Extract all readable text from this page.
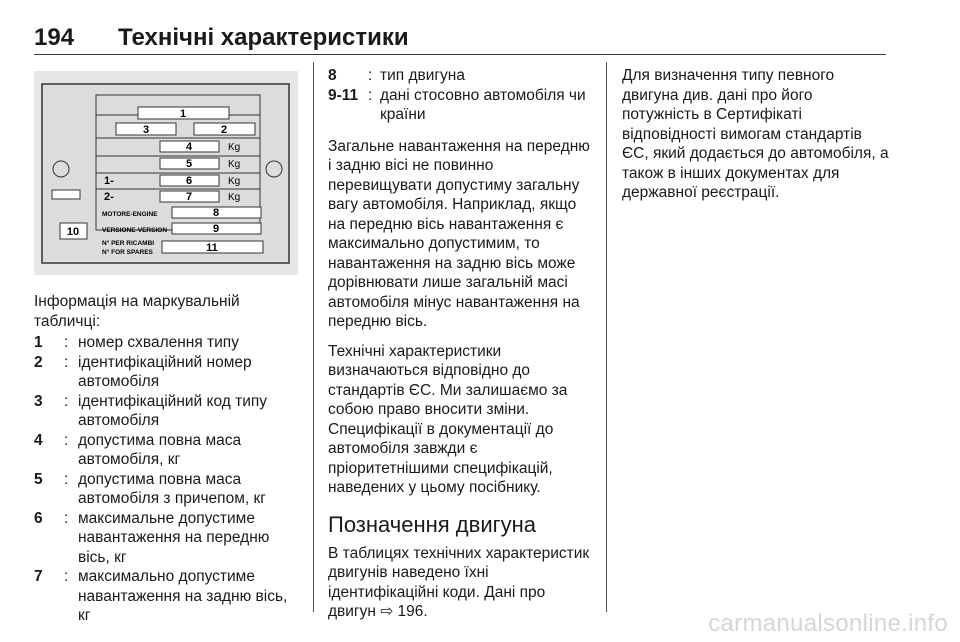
194 Технічні характеристики
1
3	2
4	Kg
5	Kg
1-	6	Kg
2-	7	Kg
MOTORE-ENGINE	8
VERSIONE-VERSION	9
N° PER RICAMBI
N° FOR SPARES	11
10

Інформація на маркувальній табличці:

1	: номер схвалення типу
2	: ідентифікаційний номер автомобіля
3	: ідентифікаційний код типу автомобіля
4	: допустима повна маса автомобіля, кг
5	: допустима повна маса автомобіля з причепом, кг
6	: максимальне допустиме навантаження на передню вісь, кг
7	: максимально допустиме навантаження на задню вісь, кг
8	: тип двигуна
9-11 : дані стосовно автомобіля чи країни

Загальне навантаження на передню і задню вісі не повинно перевищувати допустиму загальну вагу автомобіля. Наприклад, якщо на передню вісь навантаження є максимально допустимим, то навантаження на задню вісь може дорівнювати лише загальній масі автомобіля мінус навантаження на передню вісь.

Технічні характеристики визначаються відповідно до стандартів ЄС. Ми залишаємо за собою право вносити зміни. Специфікації в документації до автомобіля завжди є пріоритетнішими специфікацій, наведених у цьому посібнику.

Позначення двигуна

В таблицях технічних характеристик двигунів наведено їхні ідентифікаційні коди. Дані про двигун ⇨ 196.

Для визначення типу певного двигуна див. дані про його потужність в Сертифікаті відповідності вимогам стандартів ЄС, який додається до автомобіля, а також в інших документах для державної реєстрації.

carmanualsonline.info
